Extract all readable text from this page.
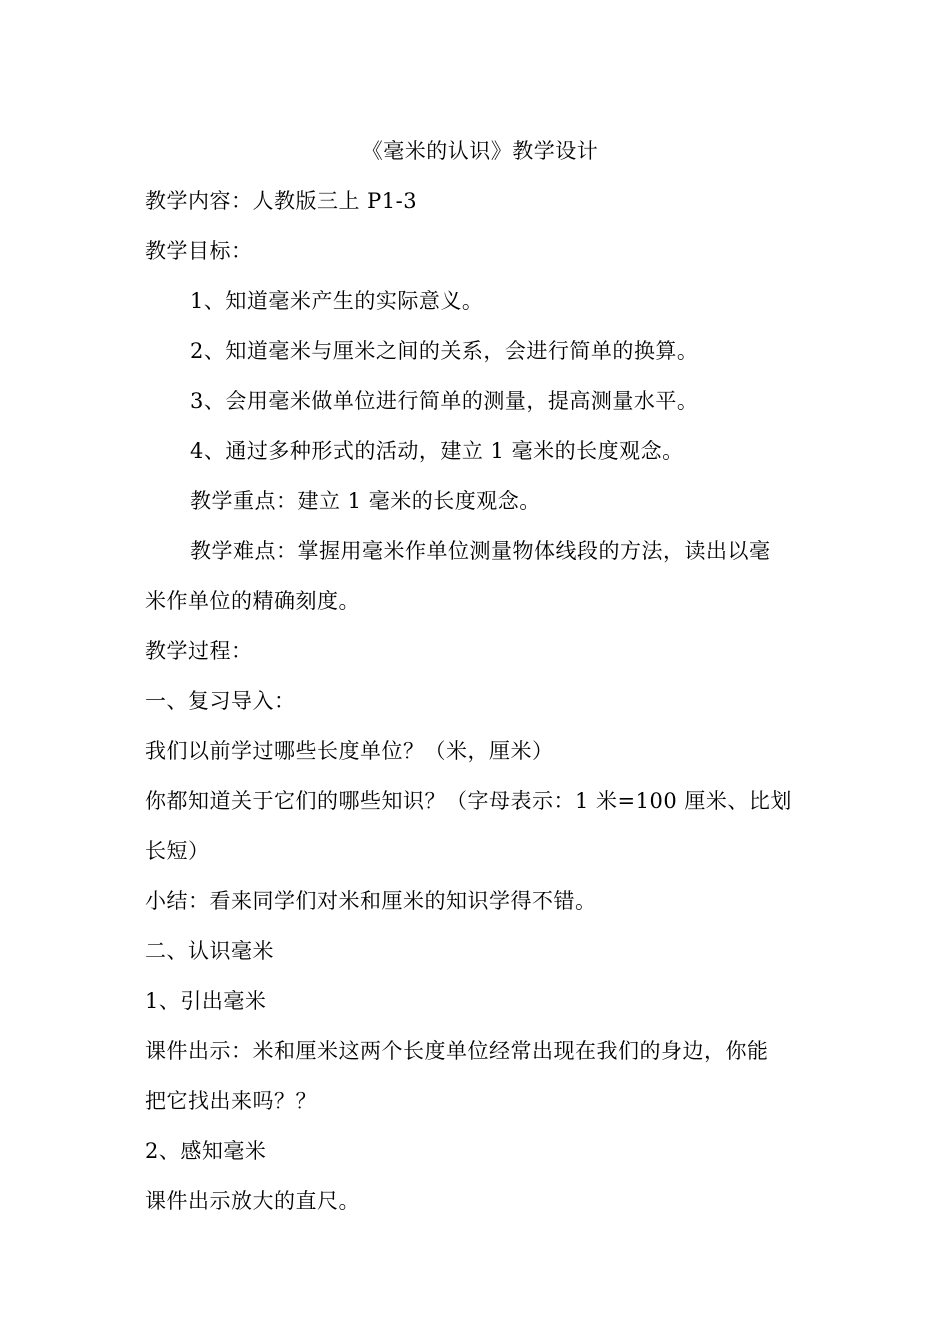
《毫米的认识》教学设计
教学内容：人教版三上 P1-3
教学目标：
1、知道毫米产生的实际意义。
2、知道毫米与厘米之间的关系，会进行简单的换算。
3、会用毫米做单位进行简单的测量，提高测量水平。
4、通过多种形式的活动，建立 1 毫米的长度观念。
教学重点：建立 1 毫米的长度观念。
教学难点：掌握用毫米作单位测量物体线段的方法，读出以毫
米作单位的精确刻度。
教学过程：
一、复习导入：
我们以前学过哪些长度单位？（米，厘米）
你都知道关于它们的哪些知识？（字母表示：1 米=100 厘米、比划
长短）
小结：看来同学们对米和厘米的知识学得不错。
二、认识毫米
1、引出毫米
课件出示：米和厘米这两个长度单位经常出现在我们的身边，你能
把它找出来吗？？
2、感知毫米
课件出示放大的直尺。
